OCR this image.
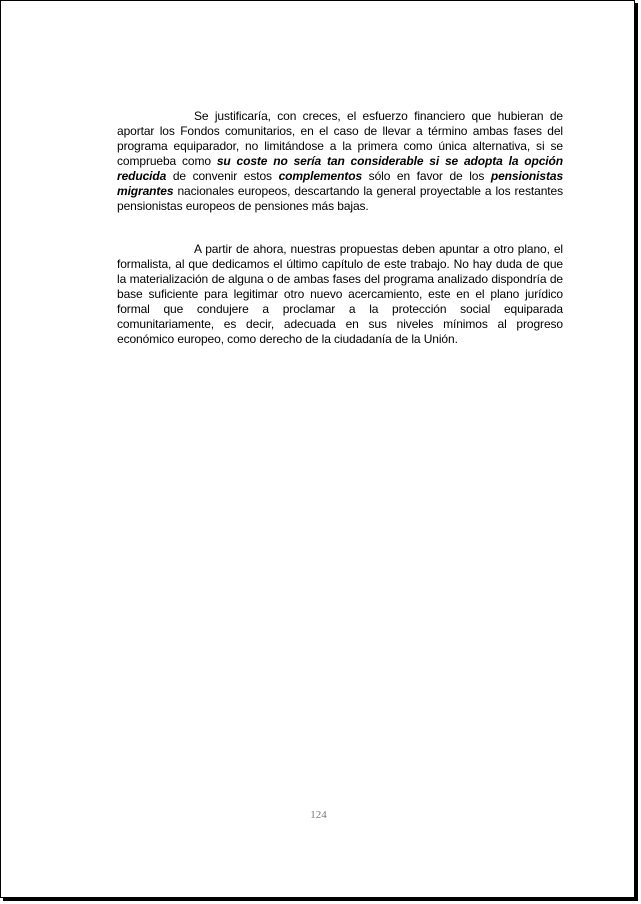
Se justificaría, con creces, el esfuerzo financiero que hubieran de aportar los Fondos comunitarios, en el caso de llevar a término ambas fases del programa equiparador, no limitándose a la primera como única alternativa, si se comprueba como su coste no sería tan considerable si se adopta la opción reducida de convenir estos complementos sólo en favor de los pensionistas migrantes nacionales europeos, descartando la general proyectable a los restantes pensionistas europeos de pensiones más bajas.
A partir de ahora, nuestras propuestas deben apuntar a otro plano, el formalista, al que dedicamos el último capítulo de este trabajo. No hay duda de que la materialización de alguna o de ambas fases del programa analizado dispondría de base suficiente para legitimar otro nuevo acercamiento, este en el plano jurídico formal que condujere a proclamar a la protección social equiparada comunitariamente, es decir, adecuada en sus niveles mínimos al progreso económico europeo, como derecho de la ciudadanía de la Unión.
124
